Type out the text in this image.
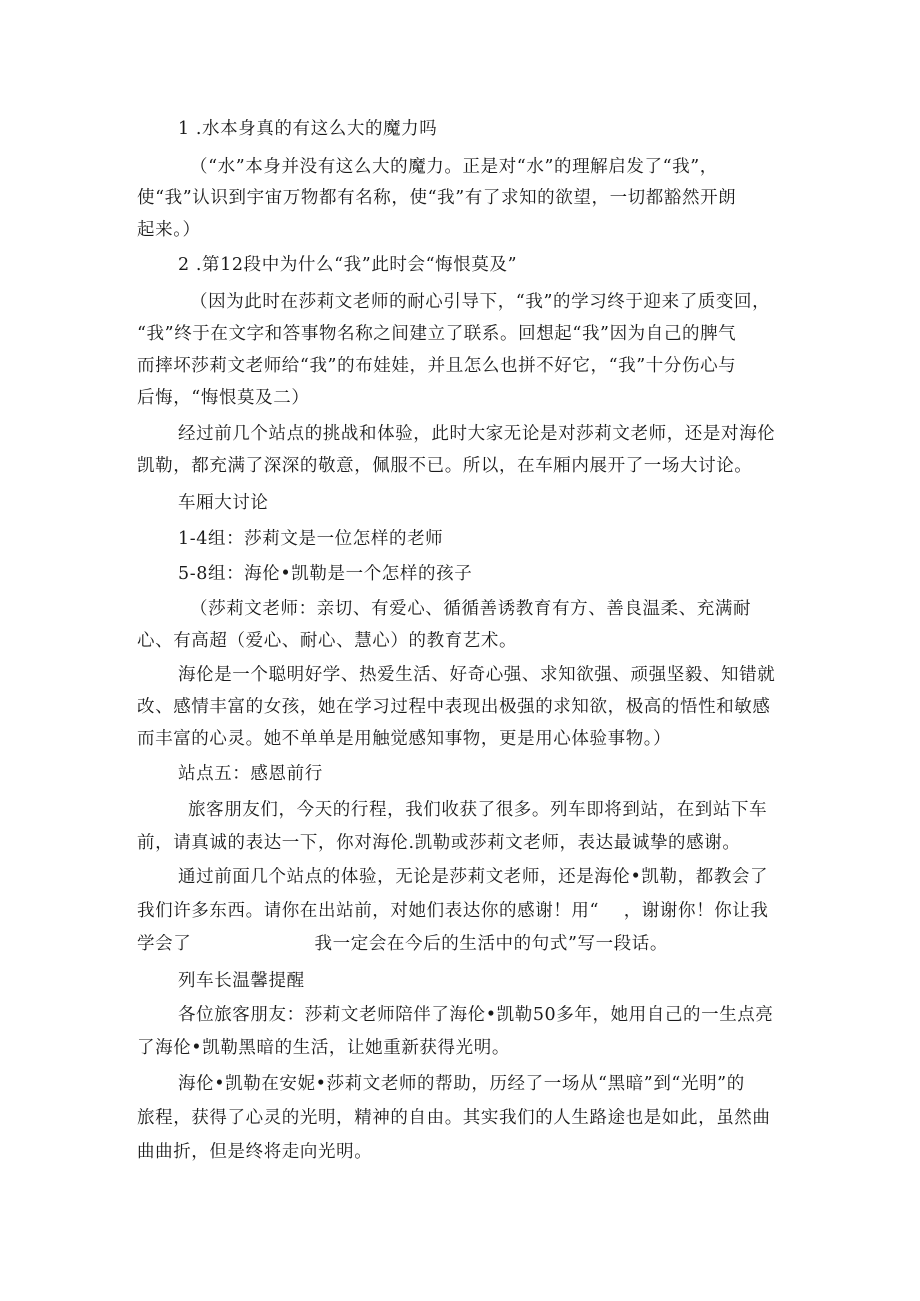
1 .水本身真的有这么大的魔力吗
（“水”本身并没有这么大的魔力。正是对“水”的理解启发了“我”，
使“我”认识到宇宙万物都有名称，使“我”有了求知的欲望，一切都豁然开朗
起来。）
2 .第12段中为什么“我”此时会“悔恨莫及”
（因为此时在莎莉文老师的耐心引导下，“我”的学习终于迎来了质变回，
“我”终于在文字和答事物名称之间建立了联系。回想起“我”因为自己的脾气
而摔坏莎莉文老师给“我”的布娃娃，并且怎么也拼不好它，“我”十分伤心与
后悔，“悔恨莫及二）
经过前几个站点的挑战和体验，此时大家无论是对莎莉文老师，还是对海伦
凯勒，都充满了深深的敬意，佩服不已。所以，在车厢内展开了一场大讨论。
车厢大讨论
1-4组：莎莉文是一位怎样的老师
5-8组：海伦•凯勒是一个怎样的孩子
（莎莉文老师：亲切、有爱心、循循善诱教育有方、善良温柔、充满耐
心、有高超（爱心、耐心、慧心）的教育艺术。
海伦是一个聪明好学、热爱生活、好奇心强、求知欲强、顽强坚毅、知错就
改、感情丰富的女孩，她在学习过程中表现出极强的求知欲，极高的悟性和敏感
而丰富的心灵。她不单单是用触觉感知事物，更是用心体验事物。）
站点五：感恩前行
旅客朋友们，今天的行程，我们收获了很多。列车即将到站，在到站下车
前，请真诚的表达一下，你对海伦.凯勒或莎莉文老师，表达最诚挚的感谢。
通过前面几个站点的体验，无论是莎莉文老师，还是海伦•凯勒，都教会了
我们许多东西。请你在出站前，对她们表达你的感谢！用“    ，谢谢你！你让我
学会了                    我一定会在今后的生活中的句式”写一段话。
列车长温馨提醒
各位旅客朋友：莎莉文老师陪伴了海伦•凯勒50多年，她用自己的一生点亮
了海伦•凯勒黑暗的生活，让她重新获得光明。
海伦•凯勒在安妮•莎莉文老师的帮助，历经了一场从“黑暗”到“光明”的
旅程，获得了心灵的光明，精神的自由。其实我们的人生路途也是如此，虽然曲
曲曲折，但是终将走向光明。
